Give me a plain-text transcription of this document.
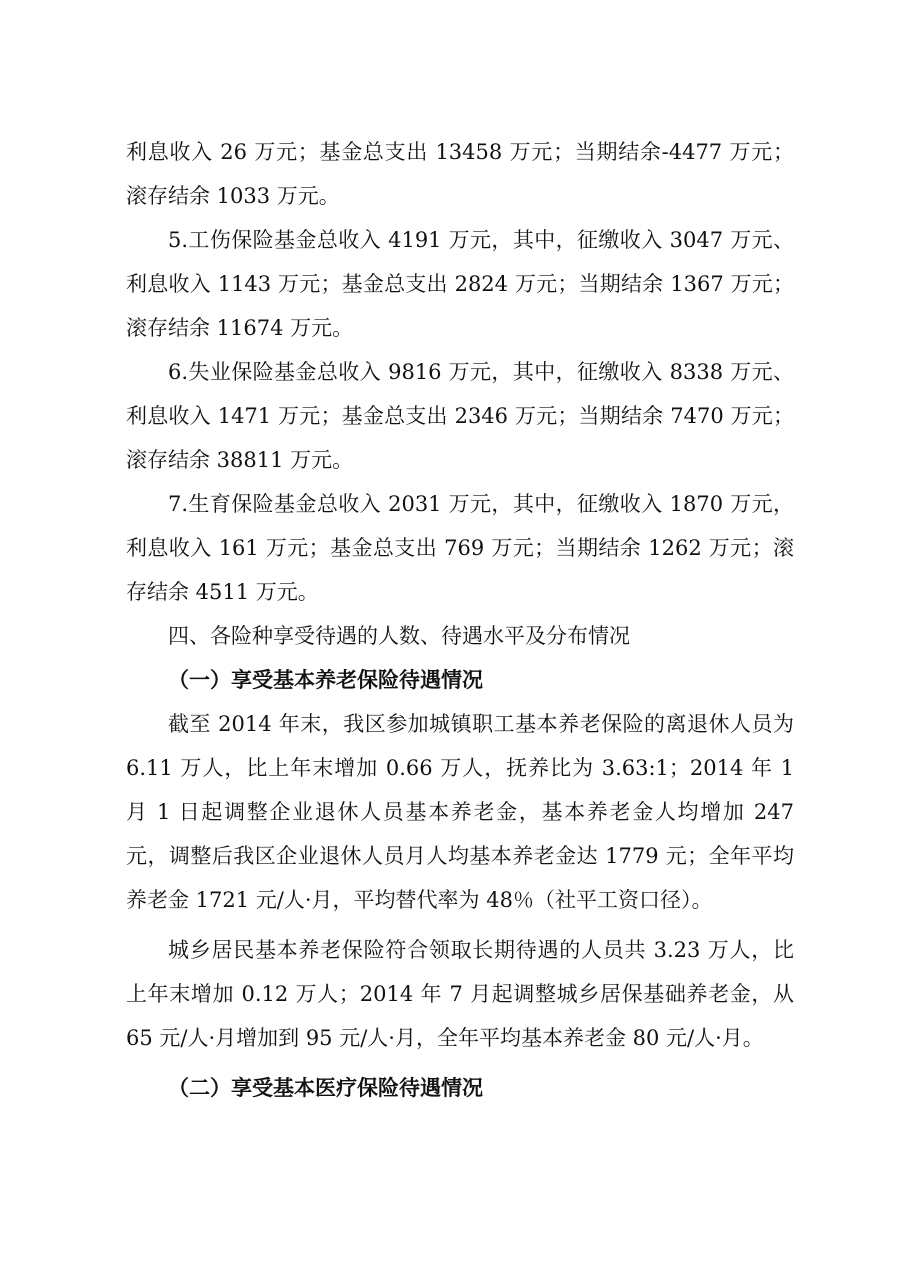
利息收入 26 万元；基金总支出 13458 万元；当期结余-4477 万元；滚存结余 1033 万元。

5.工伤保险基金总收入 4191 万元，其中，征缴收入 3047 万元、利息收入 1143 万元；基金总支出 2824 万元；当期结余 1367 万元；滚存结余 11674 万元。

6.失业保险基金总收入 9816 万元，其中，征缴收入 8338 万元、利息收入 1471 万元；基金总支出 2346 万元；当期结余 7470 万元；滚存结余 38811 万元。

7.生育保险基金总收入 2031 万元，其中，征缴收入 1870 万元，利息收入 161 万元；基金总支出 769 万元；当期结余 1262 万元；滚存结余 4511 万元。

四、各险种享受待遇的人数、待遇水平及分布情况

（一）享受基本养老保险待遇情况

截至 2014 年末，我区参加城镇职工基本养老保险的离退休人员为 6.11 万人，比上年末增加 0.66 万人，抚养比为 3.63:1；2014 年 1 月 1 日起调整企业退休人员基本养老金，基本养老金人均增加 247 元，调整后我区企业退休人员月人均基本养老金达 1779 元；全年平均养老金 1721 元/人·月，平均替代率为 48％（社平工资口径）。

城乡居民基本养老保险符合领取长期待遇的人员共 3.23 万人，比上年末增加 0.12 万人；2014 年 7 月起调整城乡居保基础养老金，从 65 元/人·月增加到 95 元/人·月，全年平均基本养老金 80 元/人·月。

（二）享受基本医疗保险待遇情况
